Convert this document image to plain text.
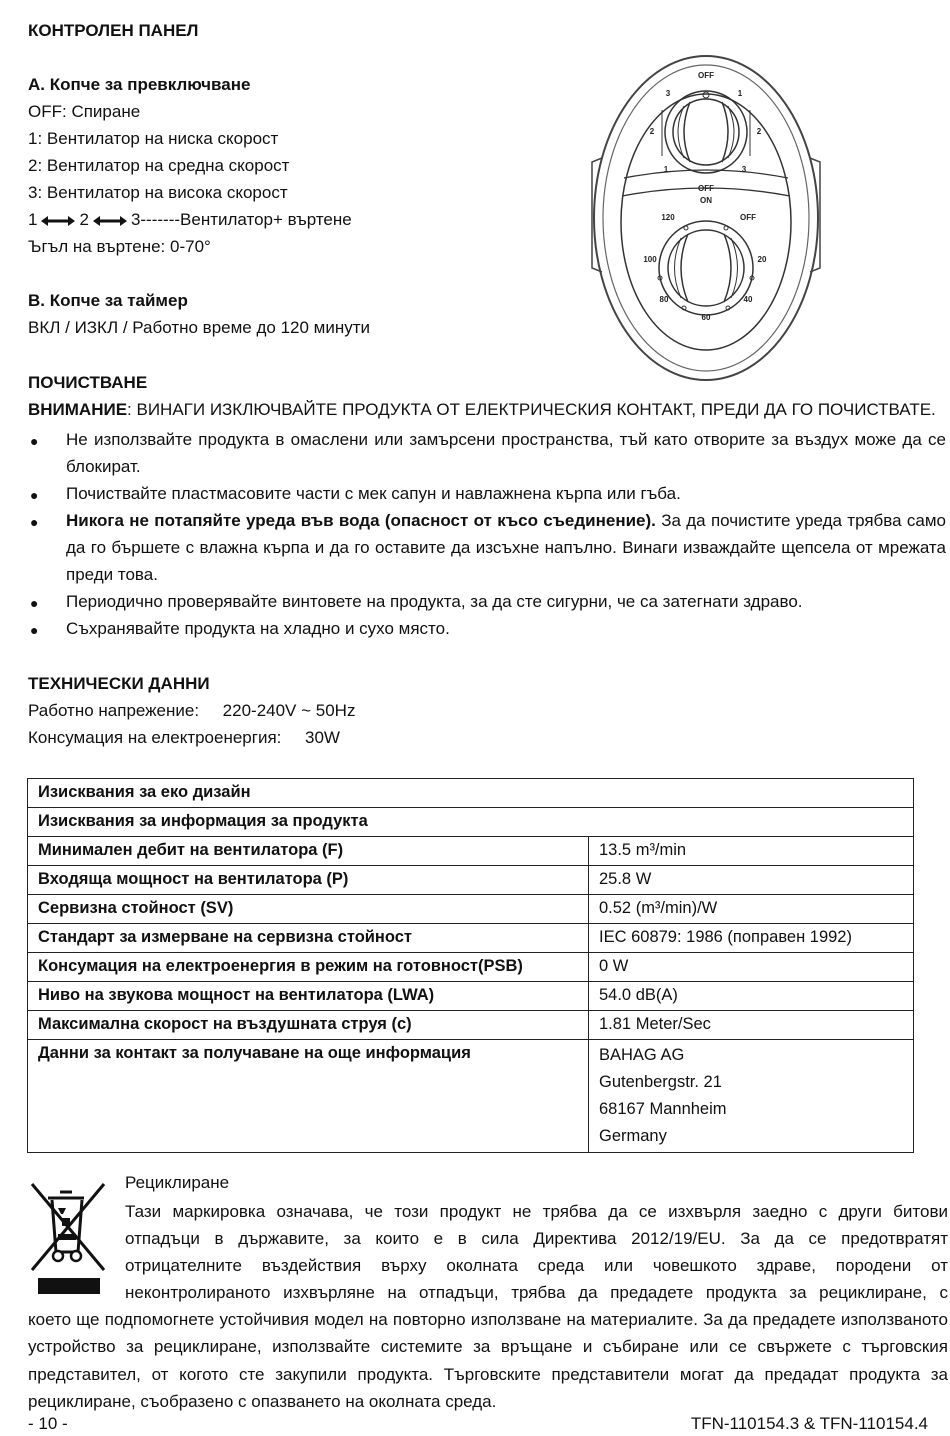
КОНТРОЛЕН ПАНЕЛ
A. Копче за превключване
OFF: Спиране
1: Вентилатор на ниска скорост
2: Вентилатор на средна скорост
3: Вентилатор на висока скорост
1 2 3-------Вентилатор+ въртене
Ъгъл на въртене: 0-70°
B. Копче за таймер
ВКЛ / ИЗКЛ / Работно време до 120 минути
OFF
3
2
1
1
2
3
OFF
ON
120	OFF
100	20
80	40
60
ПОЧИСТВАНЕ
ВНИМАНИЕ: ВИНАГИ ИЗКЛЮЧВАЙТЕ ПРОДУКТА ОТ ЕЛЕКТРИЧЕСКИЯ КОНТАКТ, ПРЕДИ ДА ГО ПОЧИСТВАТЕ.
● Не използвайте продукта в омаслени или замърсени пространства, тъй като отворите за въздух може да се блокират.
● Почиствайте пластмасовите части с мек сапун и навлажнена кърпа или гъба.
● Никога не потапяйте уреда във вода (опасност от късо съединение). За да почистите уреда трябва само да го бършете с влажна кърпа и да го оставите да изсъхне напълно. Винаги изваждайте щепсела от мрежата преди това.
● Периодично проверявайте винтовете на продукта, за да сте сигурни, че са затегнати здраво.
● Съхранявайте продукта на хладно и сухо място.
ТЕХНИЧЕСКИ ДАННИ
Работно напрежение:     220-240V ~ 50Hz
Консумация на електроенергия:     30W
Изисквания за еко дизайн	
Изисквания за информация за продукта	
Минимален дебит на вентилатора (F)	13.5 m³/min
Входяща мощност на вентилатора (P)	25.8 W
Сервизна стойност (SV)	0.52 (m³/min)/W
Стандарт за измерване на сервизна стойност	IEC 60879: 1986 (поправен 1992)
Консумация на електроенергия в режим на готовност(PSB)	0 W
Ниво на звукова мощност на вентилатора (LWA)	54.0 dB(A)
Максимална скорост на въздушната струя (c)	1.81 Meter/Sec
Данни за контакт за получаване на още информация	BAHAG AG
Gutenbergstr. 21
68167 Mannheim
Germany
Рециклиране
Тази маркировка означава, че този продукт не трябва да се изхвърля заедно с други битови
отпадъци в държавите, за които е в сила Директива 2012/19/EU. За да се предотвратят
отрицателните въздействия върху околната среда или човешкото здраве, породени от
неконтролираното изхвърляне на отпадъци, трябва да предадете продукта за рециклиране, с
което ще подпомогнете устойчивия модел на повторно използване на материалите. За да предадете използваното устройство за рециклиране, използвайте системите за връщане и събиране или се свържете с търговския представител, от когото сте закупили продукта. Търговските представители могат да предадат продукта за рециклиране, съобразено с опазването на околната среда.
- 10 -	TFN-110154.3 & TFN-110154.4
